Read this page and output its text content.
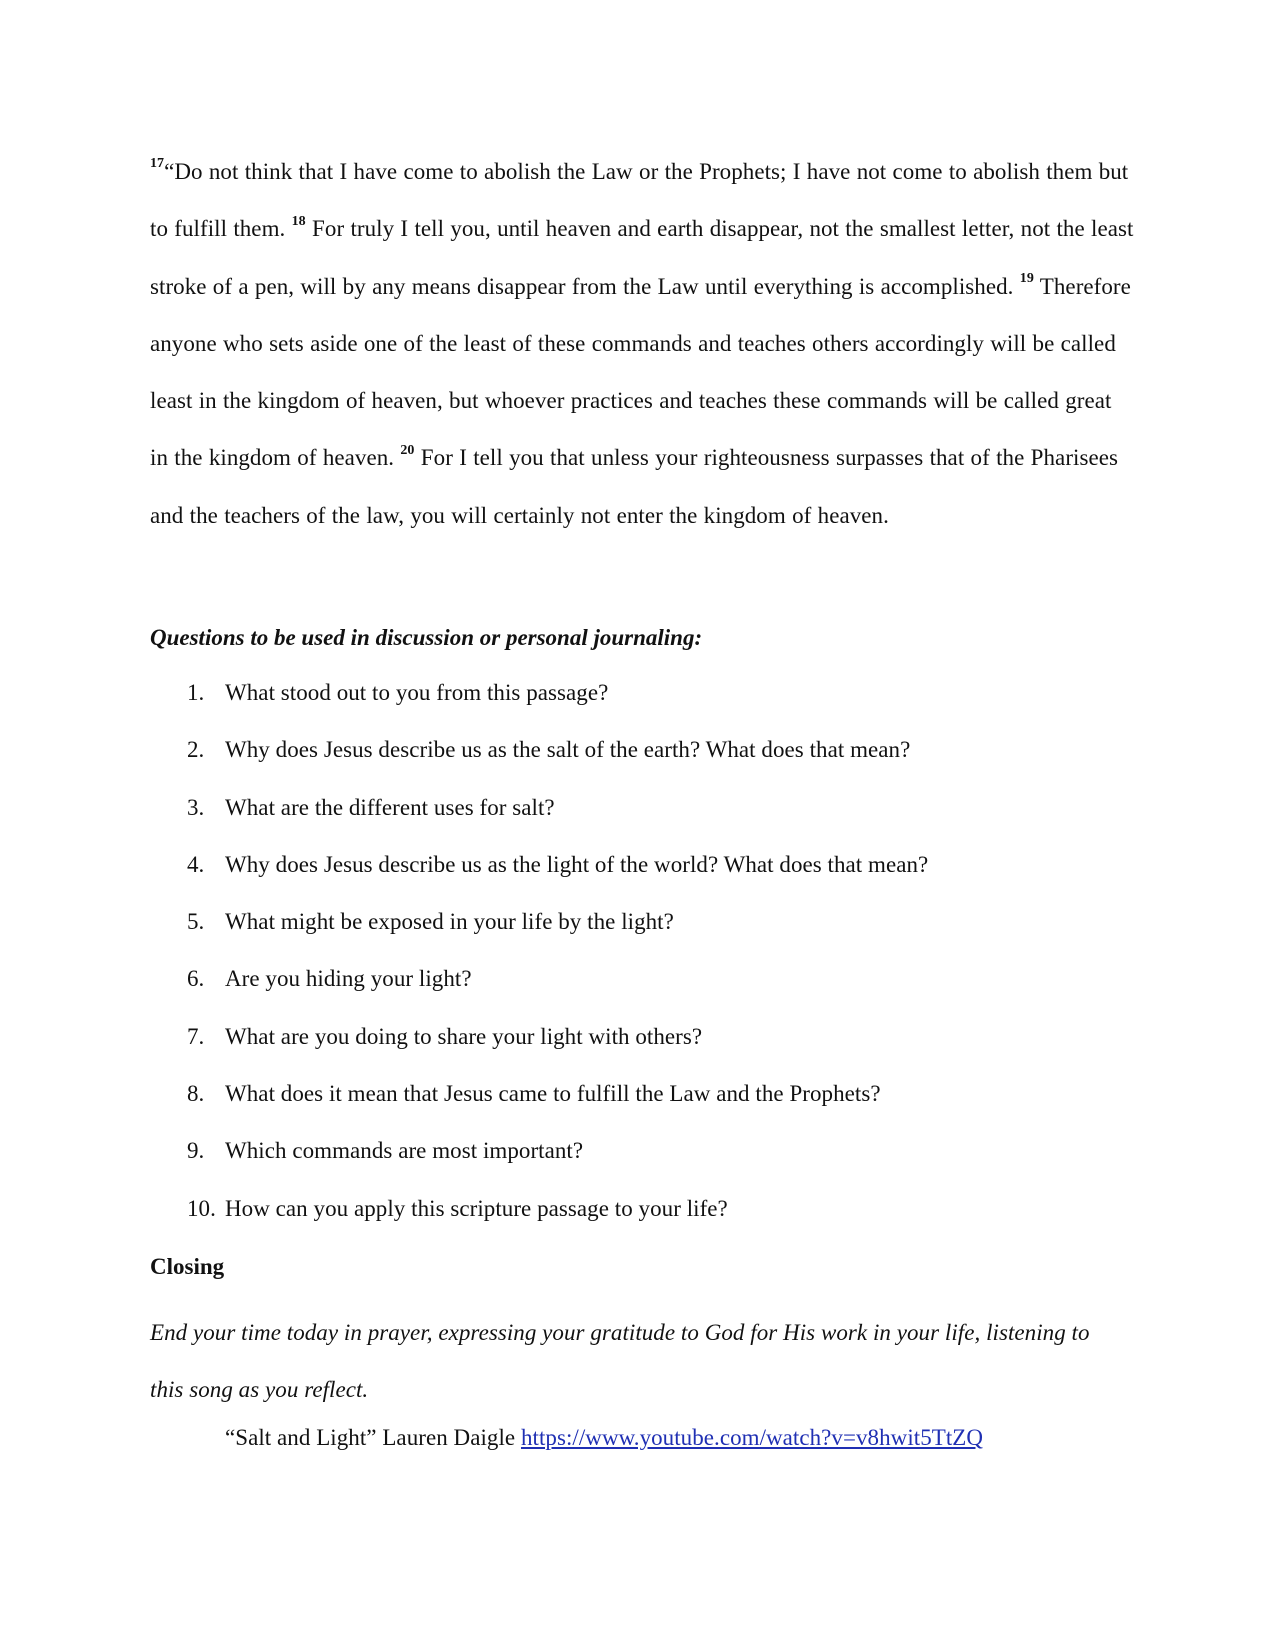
$^{17}$“Do not think that I have come to abolish the Law or the Prophets; I have not come to abolish them but to fulfill them. $^{18}$ For truly I tell you, until heaven and earth disappear, not the smallest letter, not the least stroke of a pen, will by any means disappear from the Law until everything is accomplished. $^{19}$ Therefore anyone who sets aside one of the least of these commands and teaches others accordingly will be called least in the kingdom of heaven, but whoever practices and teaches these commands will be called great in the kingdom of heaven. $^{20}$ For I tell you that unless your righteousness surpasses that of the Pharisees and the teachers of the law, you will certainly not enter the kingdom of heaven.

Questions to be used in discussion or personal journaling:

1. What stood out to you from this passage?
2. Why does Jesus describe us as the salt of the earth? What does that mean?
3. What are the different uses for salt?
4. Why does Jesus describe us as the light of the world? What does that mean?
5. What might be exposed in your life by the light?
6. Are you hiding your light?
7. What are you doing to share your light with others?
8. What does it mean that Jesus came to fulfill the Law and the Prophets?
9. Which commands are most important?
10. How can you apply this scripture passage to your life?

Closing

End your time today in prayer, expressing your gratitude to God for His work in your life, listening to this song as you reflect.

“Salt and Light” Lauren Daigle https://www.youtube.com/watch?v=v8hwit5TtZQ
